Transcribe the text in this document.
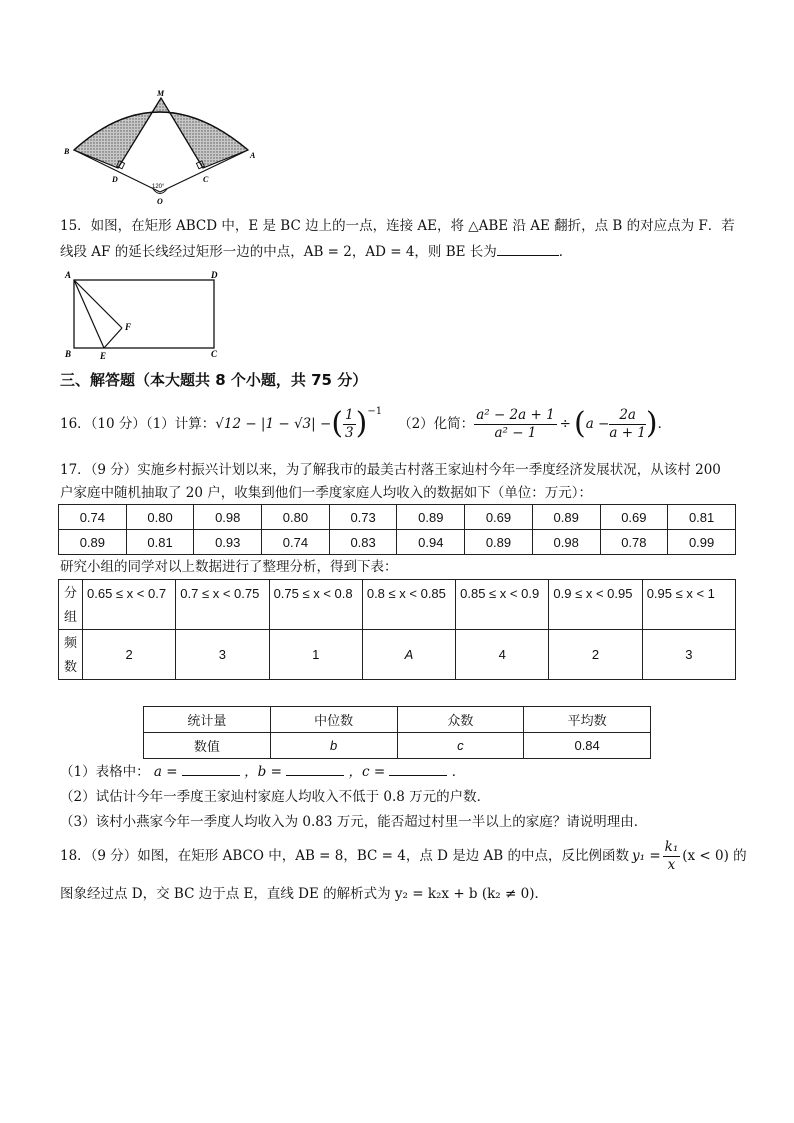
M
B	A
D	C
120°
O
15．如图，在矩形 ABCD 中，E 是 BC 边上的一点，连接 AE，将 △ABE 沿 AE 翻折，点 B 的对应点为 F．若
线段 AF 的延长线经过矩形一边的中点，AB = 2，AD = 4，则 BE 长为	．
A	D
F
B	E	C
三、解答题（本大题共 8 个小题，共 75 分）
16．（10 分）（1）计算： √12 − |1 − √3| − ( $\frac{1}{3}$ ) −1
（2）化简： $\frac{\text{a² − 2a + 1}}{\text{a² − 1}}$ ÷ ( $a - \frac{2a}{a + 1}$ ) ．
17．（9 分）实施乡村振兴计划以来，为了解我市的最美古村落王家辿村今年一季度经济发展状况，从该村 200
户家庭中随机抽取了 20 户，收集到他们一季度家庭人均收入的数据如下（单位：万元）：
0.74	0.80	0.98	0.80	0.73	0.89	0.69	0.89	0.69	0.81
0.89	0.81	0.93	0.74	0.83	0.94	0.89	0.98	0.78	0.99
研究小组的同学对以上数据进行了整理分析，得到下表：
分组	0.65 ≤ x < 0.7	0.7 ≤ x < 0.75	0.75 ≤ x < 0.8	0.8 ≤ x < 0.85	0.85 ≤ x < 0.9	0.9 ≤ x < 0.95	0.95 ≤ x < 1
频数	2	3	1	A	4	2	3
统计量	中位数	众数	平均数
数值	b	c	0.84
（1）表格中： a =	，b =	，c =	．
（2）试估计今年一季度王家辿村家庭人均收入不低于 0.8 万元的户数．
（3）该村小燕家今年一季度人均收入为 0.83 万元，能否超过村里一半以上的家庭？请说明理由．
18．（9 分）如图，在矩形 ABCO 中，AB = 8，BC = 4，点 D 是边 AB 的中点，反比例函数 $y_1 = \frac{\text{k₁}}{x} (x < 0)$ 的
图象经过点 D，交 BC 边于点 E，直线 DE 的解析式为 y₂ = k₂x + b (k₂ ≠ 0)．
